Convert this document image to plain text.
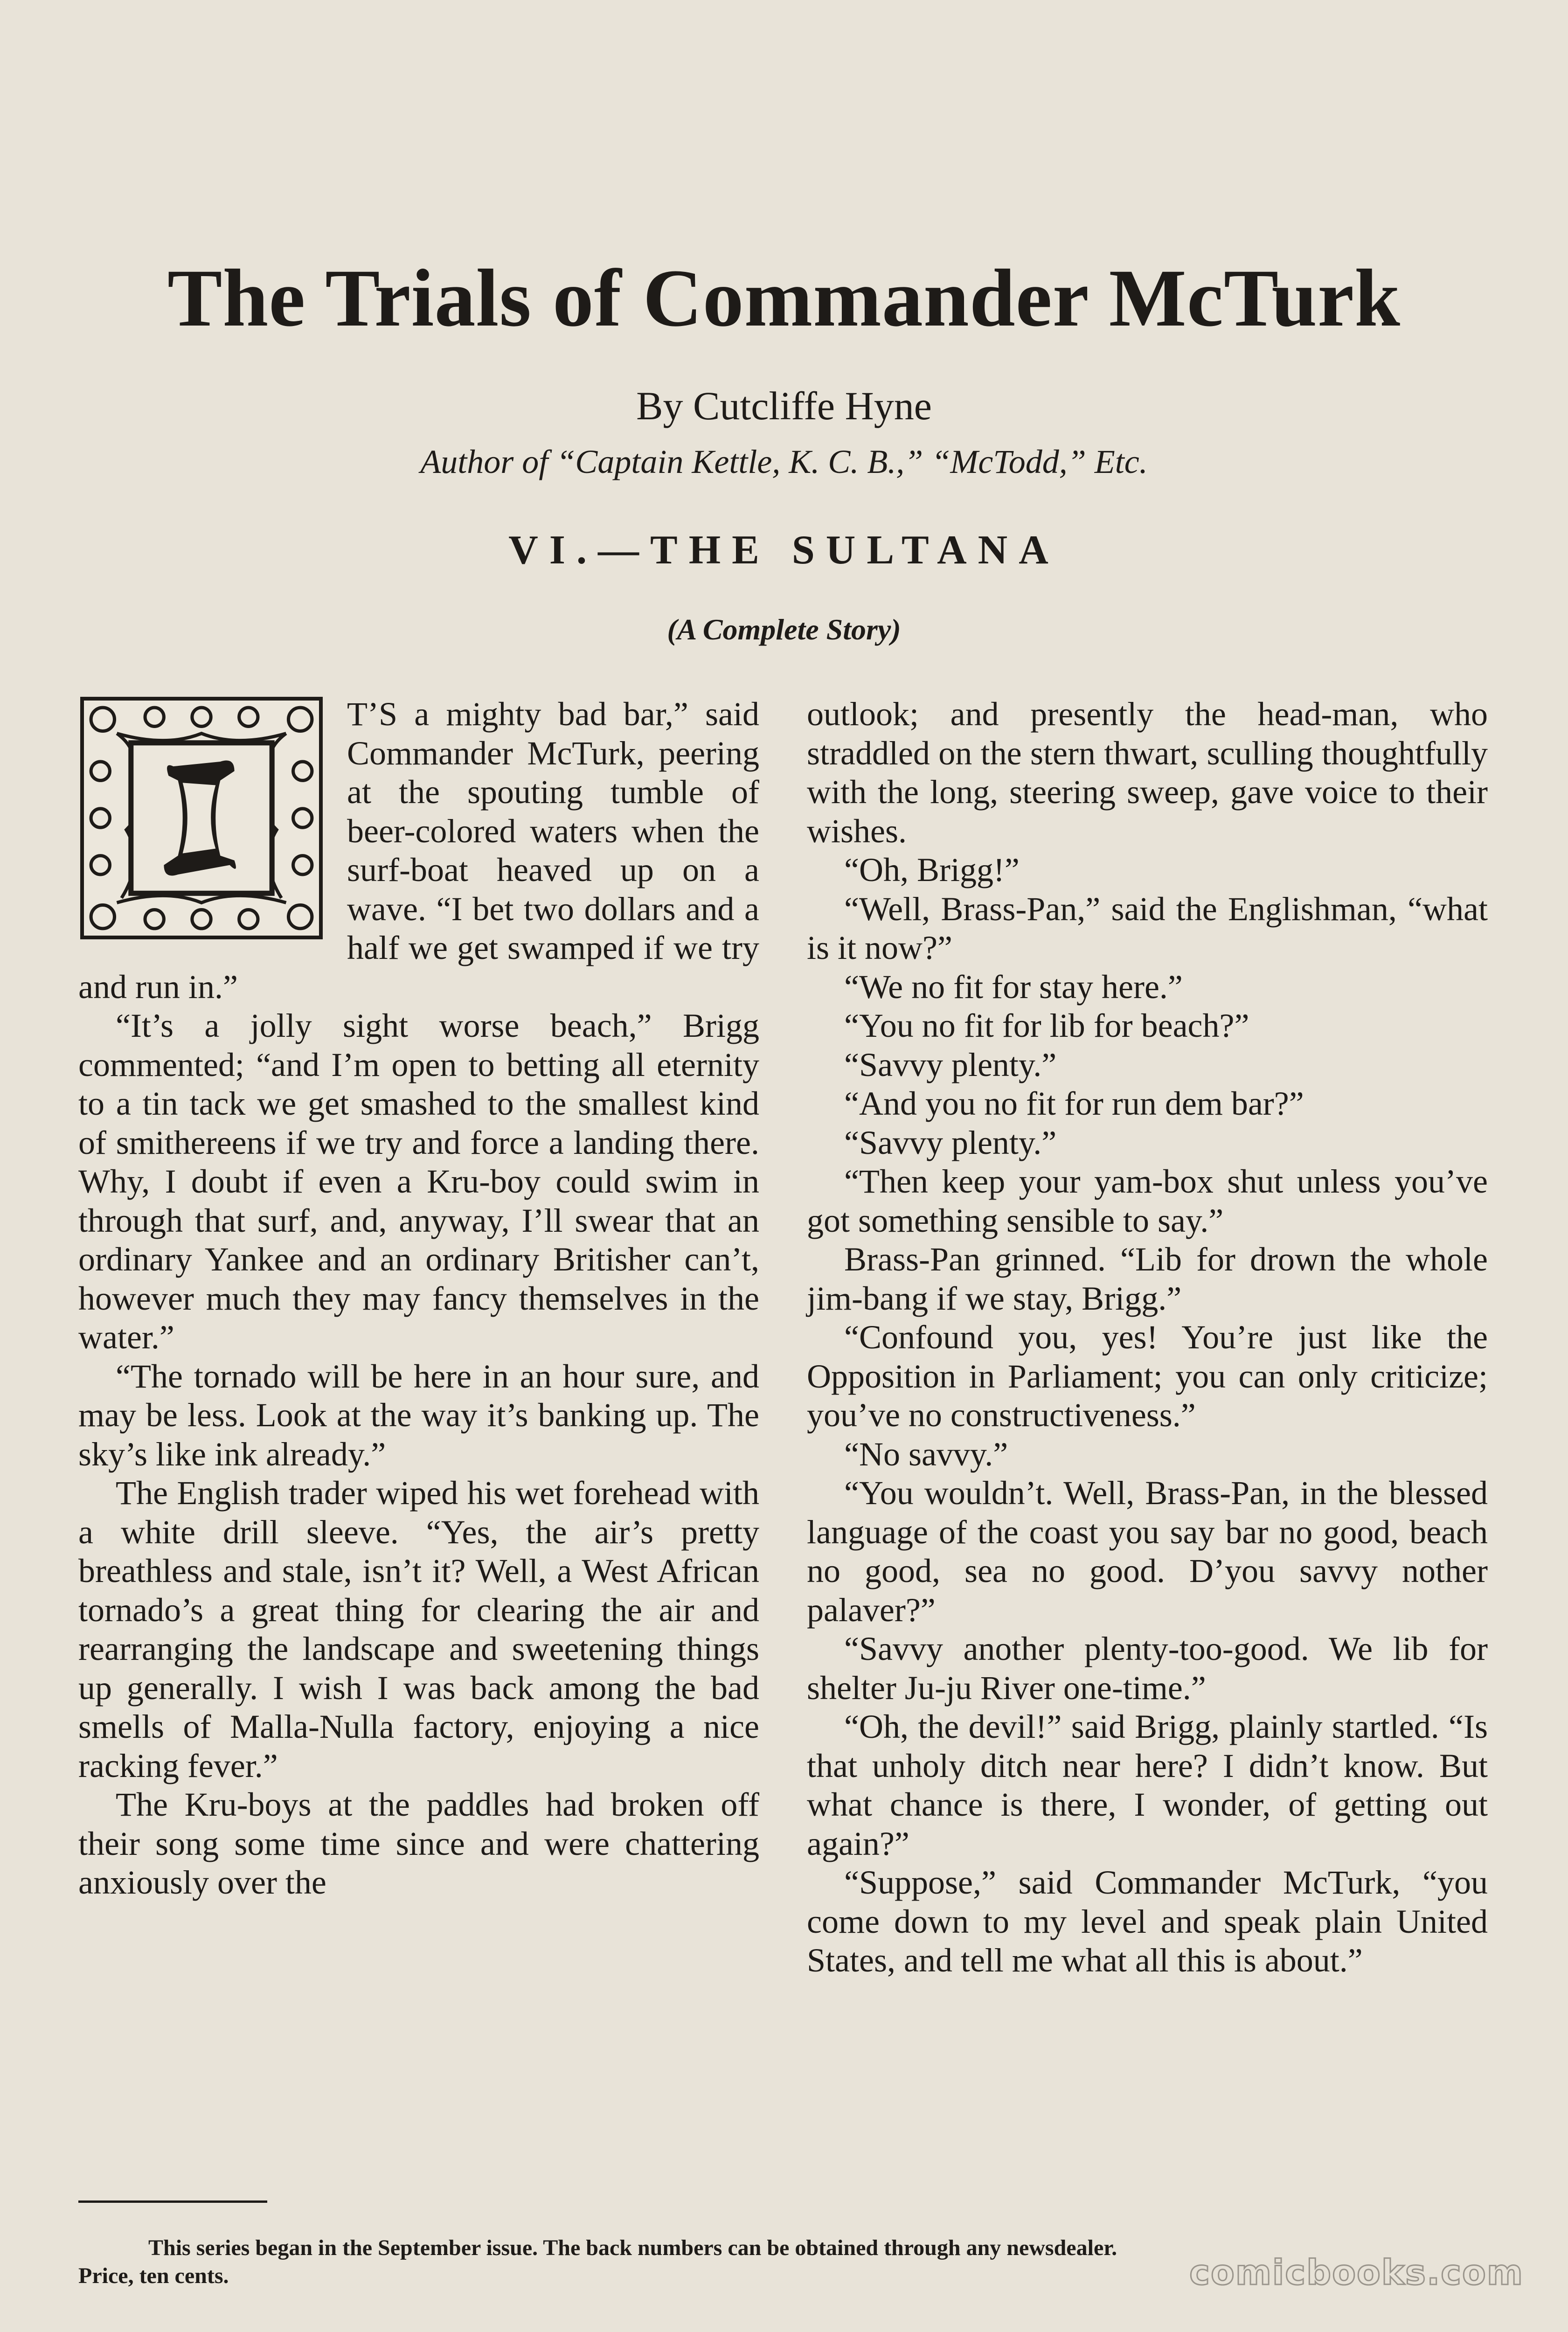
The Trials of Commander McTurk
By Cutcliffe Hyne
Author of “Captain Kettle, K. C. B.,” “McTodd,” Etc.
VI.—THE SULTANA
(A Complete Story)

T’S a mighty bad bar,” said Commander McTurk, peering at the spouting tumble of beer-colored waters when the surf-boat heaved up on a wave. “I bet two dollars and a half we get swamped if we try and run in.”

“It’s a jolly sight worse beach,” Brigg commented; “and I’m open to betting all eternity to a tin tack we get smashed to the smallest kind of smithereens if we try and force a landing there. Why, I doubt if even a Kru-boy could swim in through that surf, and, anyway, I’ll swear that an ordinary Yankee and an ordinary Britisher can’t, however much they may fancy themselves in the water.”

“The tornado will be here in an hour sure, and may be less. Look at the way it’s banking up. The sky’s like ink already.”

The English trader wiped his wet forehead with a white drill sleeve. “Yes, the air’s pretty breathless and stale, isn’t it? Well, a West African tornado’s a great thing for clearing the air and rearranging the landscape and sweetening things up generally. I wish I was back among the bad smells of Malla-Nulla factory, enjoying a nice racking fever.”

The Kru-boys at the paddles had broken off their song some time since and were chattering anxiously over the

outlook; and presently the head-man, who straddled on the stern thwart, sculling thoughtfully with the long, steering sweep, gave voice to their wishes.

“Oh, Brigg!”

“Well, Brass-Pan,” said the Englishman, “what is it now?”

“We no fit for stay here.”

“You no fit for lib for beach?”

“Savvy plenty.”

“And you no fit for run dem bar?”

“Savvy plenty.”

“Then keep your yam-box shut unless you’ve got something sensible to say.”

Brass-Pan grinned. “Lib for drown the whole jim-bang if we stay, Brigg.”

“Confound you, yes! You’re just like the Opposition in Parliament; you can only criticize; you’ve no constructiveness.”

“No savvy.”

“You wouldn’t. Well, Brass-Pan, in the blessed language of the coast you say bar no good, beach no good, sea no good. D’you savvy nother palaver?”

“Savvy another plenty-too-good. We lib for shelter Ju-ju River one-time.”

“Oh, the devil!” said Brigg, plainly startled. “Is that unholy ditch near here? I didn’t know. But what chance is there, I wonder, of getting out again?”

“Suppose,” said Commander McTurk, “you come down to my level and speak plain United States, and tell me what all this is about.”

This series began in the September issue. The back numbers can be obtained through any newsdealer.
Price, ten cents.	comicbooks.com
